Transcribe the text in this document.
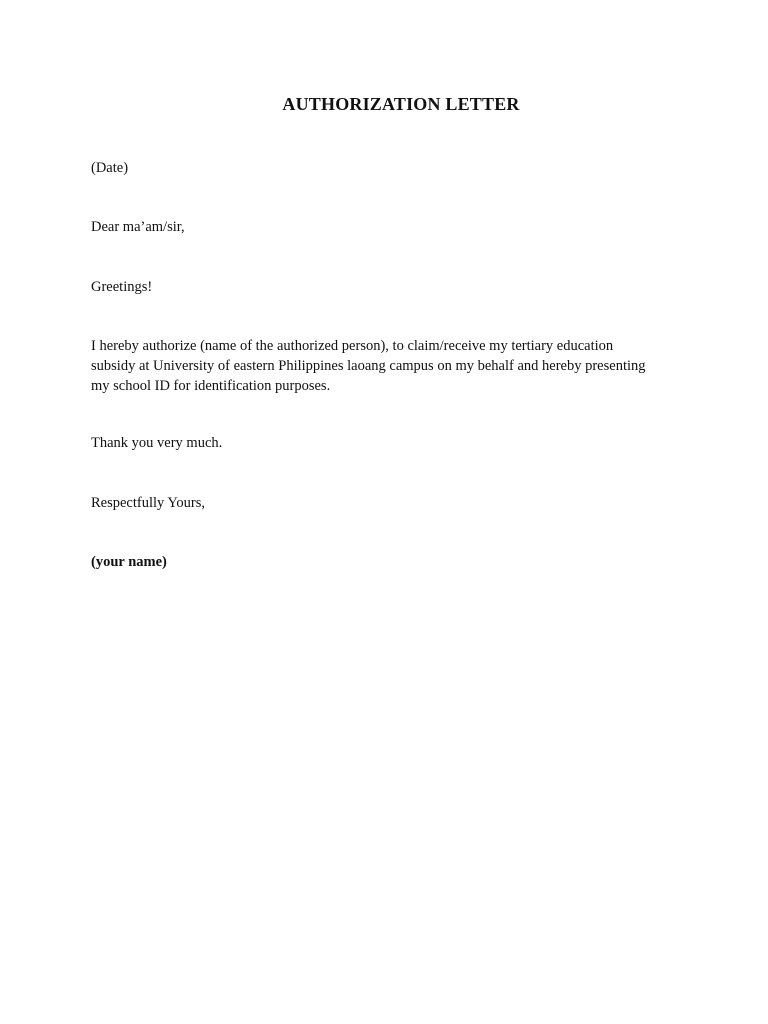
AUTHORIZATION LETTER

(Date)

Dear ma’am/sir,

Greetings!

I hereby authorize (name of the authorized person), to claim/receive my tertiary education
subsidy at University of eastern Philippines laoang campus on my behalf and hereby presenting
my school ID for identification purposes.

Thank you very much.

Respectfully Yours,

(your name)
